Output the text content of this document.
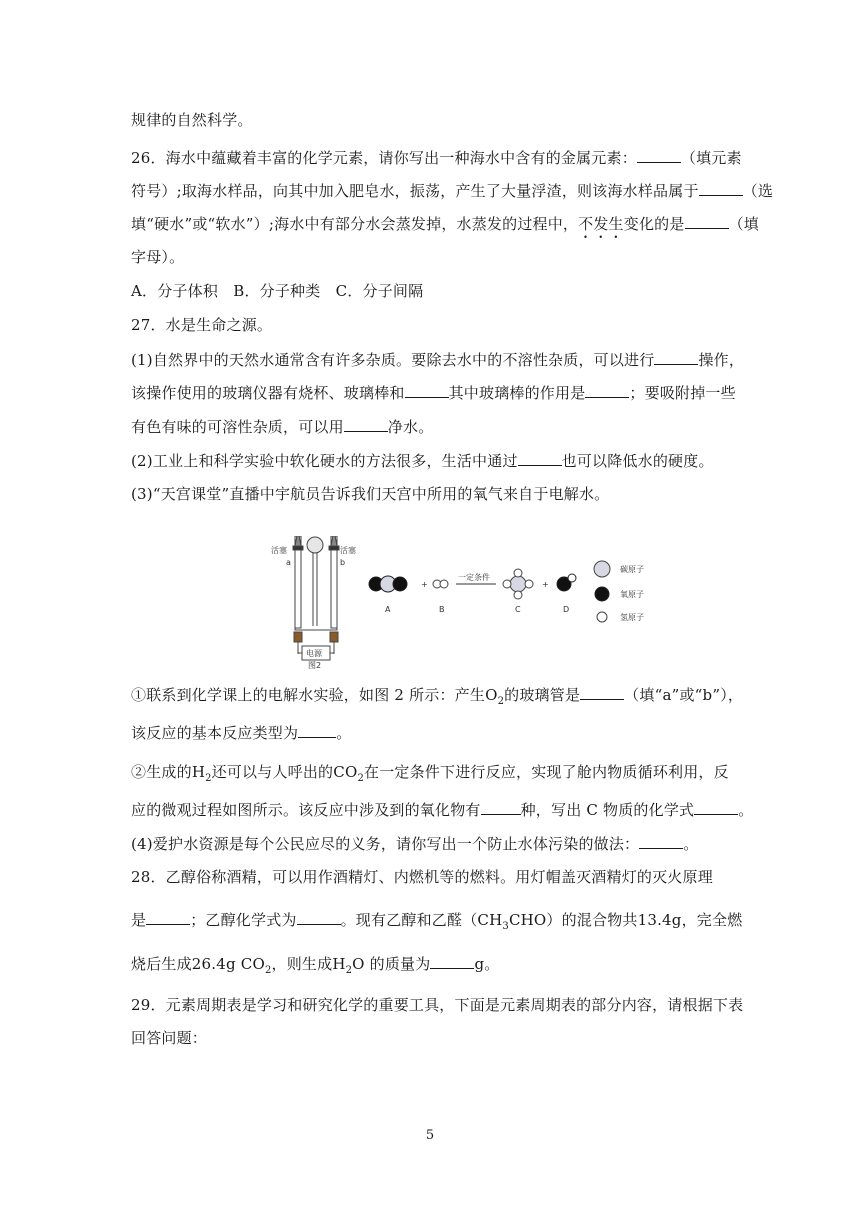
规律的自然科学。
26．海水中蕴藏着丰富的化学元素，请你写出一种海水中含有的金属元素：	（填元素
符号）;取海水样品，向其中加入肥皂水，振荡，产生了大量浮渣，则该海水样品属于	（选
填“硬水”或“软水”）;海水中有部分水会蒸发掉，水蒸发的过程中，不发生变化的是	（填
字母）。
A．分子体积　B．分子种类　C．分子间隔
27．水是生命之源。
(1)自然界中的天然水通常含有许多杂质。要除去水中的不溶性杂质，可以进行	操作，
该操作使用的玻璃仪器有烧杯、玻璃棒和	其中玻璃棒的作用是	；要吸附掉一些
有色有味的可溶性杂质，可以用	净水。
(2)工业上和科学实验中软化硬水的方法很多，生活中通过	也可以降低水的硬度。
(3)“天宫课堂”直播中宇航员告诉我们天宫中所用的氧气来自于电解水。
活塞	活塞
a	b
电源
图2
+
一定条件
+
A	B	C	D
碳原子
氧原子
氢原子
①联系到化学课上的电解水实验，如图 2 所示：产生$O_2$的玻璃管是	（填“a”或“b”），
该反应的基本反应类型为	。
②生成的$H_2$还可以与人呼出的$CO_2$在一定条件下进行反应，实现了舱内物质循环利用，反
应的微观过程如图所示。该反应中涉及到的氧化物有	种，写出 C 物质的化学式	。
(4)爱护水资源是每个公民应尽的义务，请你写出一个防止水体污染的做法：	。
28．乙醇俗称酒精，可以用作酒精灯、内燃机等的燃料。用灯帽盖灭酒精灯的灭火原理
是	；乙醇化学式为	。现有乙醇和乙醛$(CH_3CHO)$的混合物共13.4g，完全燃
烧后生成26.4g $CO_2$，则生成$H_2O$ 的质量为	g。
29．元素周期表是学习和研究化学的重要工具，下面是元素周期表的部分内容，请根据下表
回答问题：
5
